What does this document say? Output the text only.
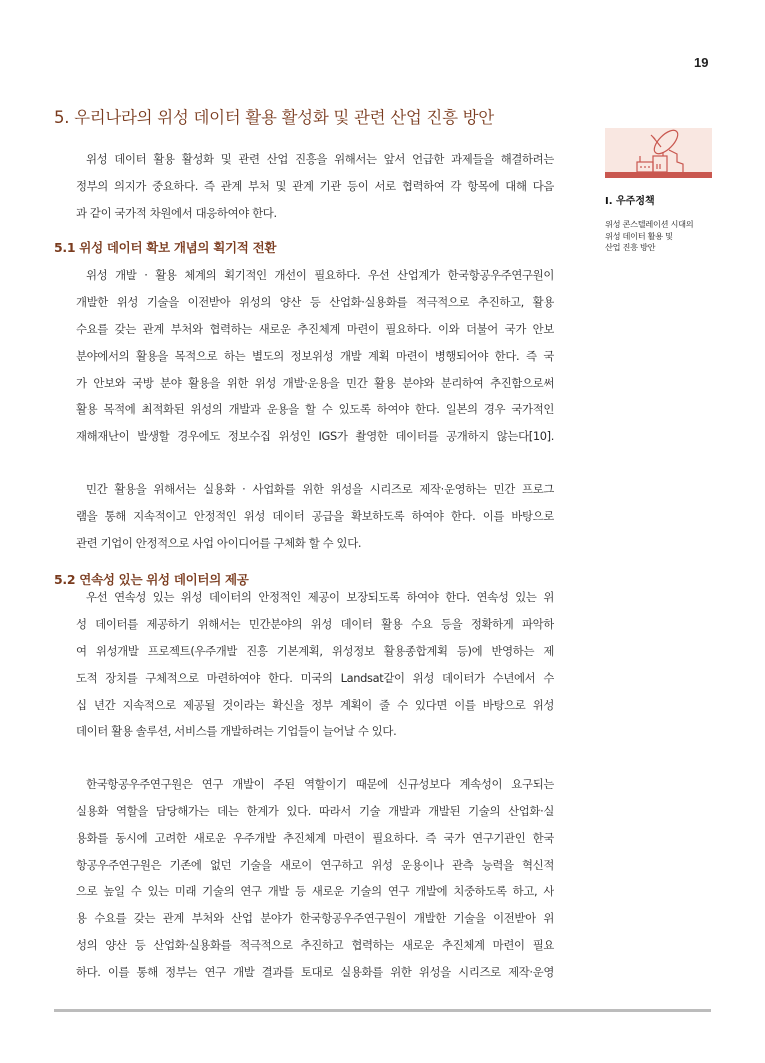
19
I. 우주정책
위성 콘스텔레이션 시대의
위성 데이터 활용 및
산업 진흥 방안
5. 우리나라의 위성 데이터 활용 활성화 및 관련 산업 진흥 방안
위성 데이터 활용 활성화 및 관련 산업 진흥을 위해서는 앞서 언급한 과제들을 해결하려는
정부의 의지가 중요하다. 즉 관계 부처 및 관계 기관 등이 서로 협력하여 각 항목에 대해 다음
과 같이 국가적 차원에서 대응하여야 한다.
5.1 위성 데이터 확보 개념의 획기적 전환
위성 개발 · 활용 체계의 획기적인 개선이 필요하다. 우선 산업계가 한국항공우주연구원이
개발한 위성 기술을 이전받아 위성의 양산 등 산업화·실용화를 적극적으로 추진하고, 활용
수요를 갖는 관계 부처와 협력하는 새로운 추진체계 마련이 필요하다. 이와 더불어 국가 안보
분야에서의 활용을 목적으로 하는 별도의 정보위성 개발 계획 마련이 병행되어야 한다. 즉 국
가 안보와 국방 분야 활용을 위한 위성 개발·운용을 민간 활용 분야와 분리하여 추진함으로써
활용 목적에 최적화된 위성의 개발과 운용을 할 수 있도록 하여야 한다. 일본의 경우 국가적인
재해재난이 발생할 경우에도 정보수집 위성인 IGS가 촬영한 데이터를 공개하지 않는다[10].
민간 활용을 위해서는 실용화 · 사업화를 위한 위성을 시리즈로 제작·운영하는 민간 프로그
램을 통해 지속적이고 안정적인 위성 데이터 공급을 확보하도록 하여야 한다. 이를 바탕으로
관련 기업이 안정적으로 사업 아이디어를 구체화 할 수 있다.
5.2 연속성 있는 위성 데이터의 제공
우선 연속성 있는 위성 데이터의 안정적인 제공이 보장되도록 하여야 한다. 연속성 있는 위
성 데이터를 제공하기 위해서는 민간분야의 위성 데이터 활용 수요 등을 정확하게 파악하
여 위성개발 프로젝트(우주개발 진흥 기본계획, 위성정보 활용종합계획 등)에 반영하는 제
도적 장치를 구체적으로 마련하여야 한다. 미국의 Landsat같이 위성 데이터가 수년에서 수
십 년간 지속적으로 제공될 것이라는 확신을 정부 계획이 줄 수 있다면 이를 바탕으로 위성
데이터 활용 솔루션, 서비스를 개발하려는 기업들이 늘어날 수 있다.
한국항공우주연구원은 연구 개발이 주된 역할이기 때문에 신규성보다 계속성이 요구되는
실용화 역할을 담당해가는 데는 한계가 있다. 따라서 기술 개발과 개발된 기술의 산업화·실
용화를 동시에 고려한 새로운 우주개발 추진체계 마련이 필요하다. 즉 국가 연구기관인 한국
항공우주연구원은 기존에 없던 기술을 새로이 연구하고 위성 운용이나 관측 능력을 혁신적
으로 높일 수 있는 미래 기술의 연구 개발 등 새로운 기술의 연구 개발에 치중하도록 하고, 사
용 수요를 갖는 관계 부처와 산업 분야가 한국항공우주연구원이 개발한 기술을 이전받아 위
성의 양산 등 산업화·실용화를 적극적으로 추진하고 협력하는 새로운 추진체계 마련이 필요
하다. 이를 통해 정부는 연구 개발 결과를 토대로 실용화를 위한 위성을 시리즈로 제작·운영
